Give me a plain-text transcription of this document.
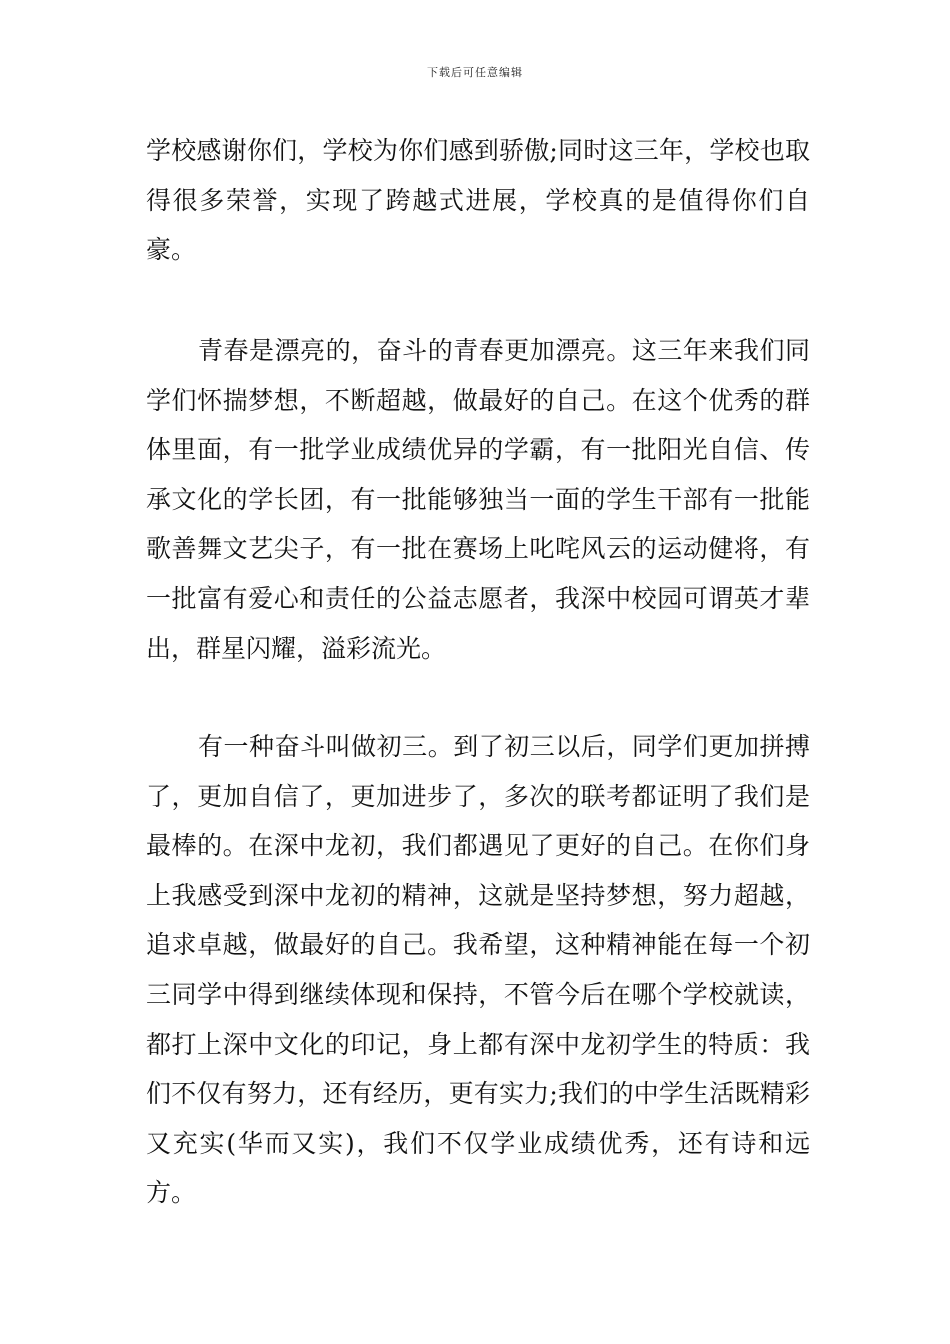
下载后可任意编辑

学校感谢你们，学校为你们感到骄傲;同时这三年，学校也取得很多荣誉，实现了跨越式进展，学校真的是值得你们自豪。

青春是漂亮的，奋斗的青春更加漂亮。这三年来我们同学们怀揣梦想，不断超越，做最好的自己。在这个优秀的群体里面，有一批学业成绩优异的学霸，有一批阳光自信、传承文化的学长团，有一批能够独当一面的学生干部有一批能歌善舞文艺尖子，有一批在赛场上叱咤风云的运动健将，有一批富有爱心和责任的公益志愿者，我深中校园可谓英才辈出，群星闪耀，溢彩流光。

有一种奋斗叫做初三。到了初三以后，同学们更加拼搏了，更加自信了，更加进步了，多次的联考都证明了我们是最棒的。在深中龙初，我们都遇见了更好的自己。在你们身上我感受到深中龙初的精神，这就是坚持梦想，努力超越，追求卓越，做最好的自己。我希望，这种精神能在每一个初三同学中得到继续体现和保持，不管今后在哪个学校就读，都打上深中文化的印记，身上都有深中龙初学生的特质：我们不仅有努力，还有经历，更有实力;我们的中学生活既精彩又充实(华而又实)，我们不仅学业成绩优秀，还有诗和远方。
